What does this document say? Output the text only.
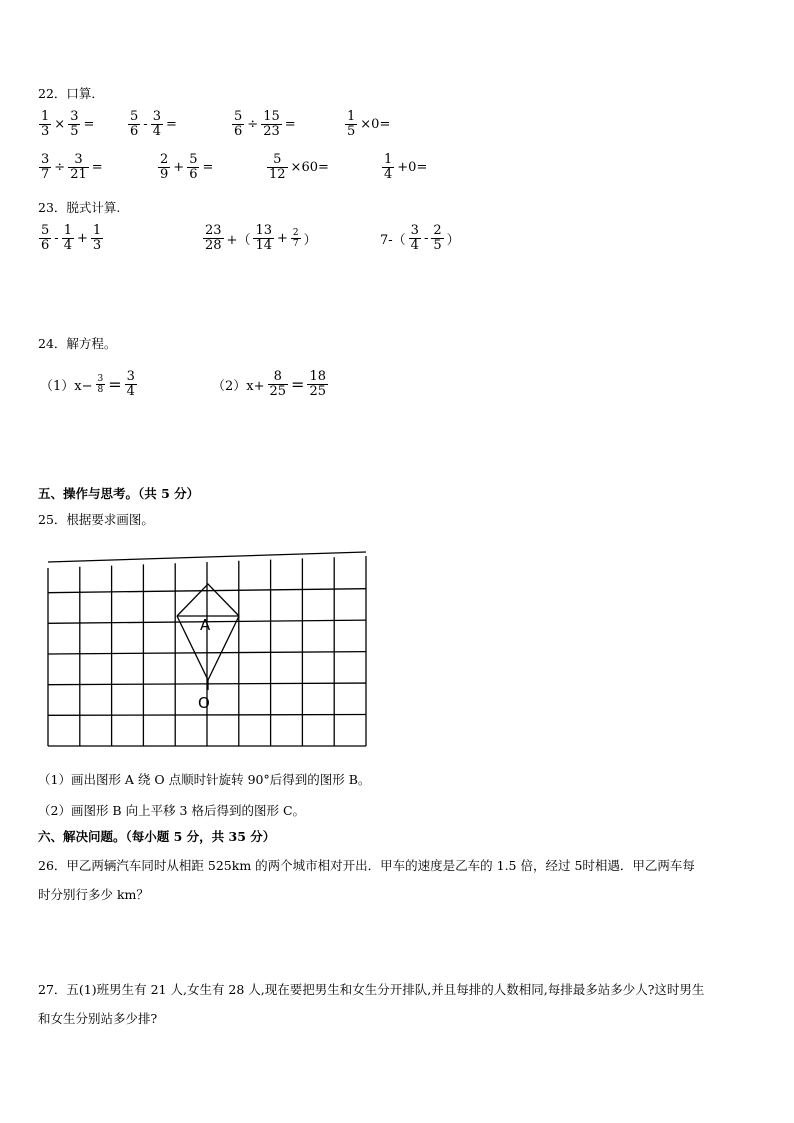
22．口算．
$\frac{1}{3} \times \frac{3}{5}$ =	$\frac{5}{6} - \frac{3}{4}$ =	$\frac{5}{6} \div \frac{15}{23}$ =	$\frac{1}{5} \times 0=$
$\frac{3}{7} \div \frac{3}{21}$ =	$\frac{2}{9} + \frac{5}{6}$ =	$\frac{5}{12} \times 60=$	$\frac{1}{4} +0=$
23．脱式计算.
$\frac{5}{6} - \frac{1}{4} + \frac{1}{3}$	$\frac{23}{28}$ +（ $\frac{13}{14} + \frac{2}{7}$ ）	$7-( \frac{3}{4} - \frac{2}{5}$ ）
24．解方程。
$(1)x- \frac{3}{8} = \frac{3}{4}$	$(2)x+ \frac{8}{25} = \frac{18}{25}$
五、操作与思考。（共 5 分）
25．根据要求画图。
A
O
（1）画出图形 A 绕 O 点顺时针旋转 90°后得到的图形 B。
（2）画图形 B 向上平移 3 格后得到的图形 C。
六、解决问题。（每小题 5 分，共 35 分）
26．甲乙两辆汽车同时从相距 525km 的两个城市相对开出．甲车的速度是乙车的 1.5 倍，经过 5时相遇．甲乙两车每
时分别行多少 km？
27．五(1)班男生有 21 人,女生有 28 人,现在要把男生和女生分开排队,并且每排的人数相同,每排最多站多少人?这时男生
和女生分别站多少排?
